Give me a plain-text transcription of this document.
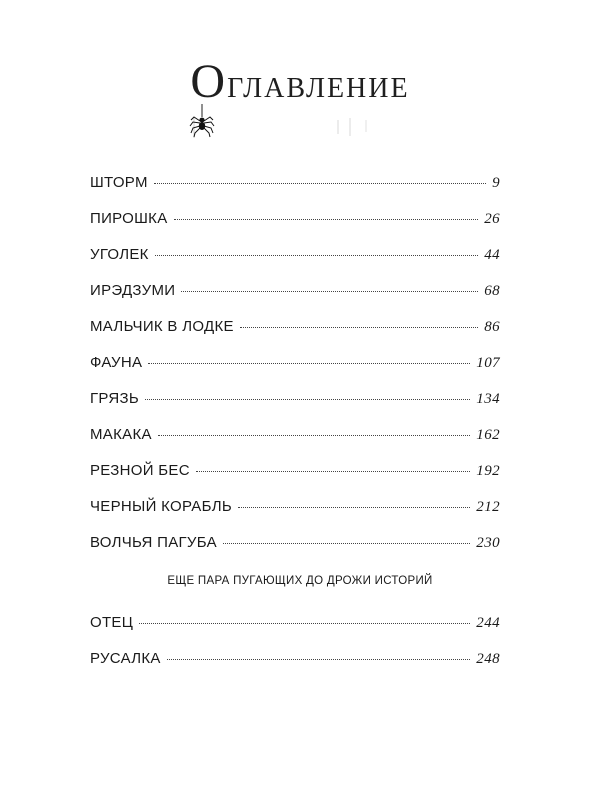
Оглавление
ШТОРМ	9
ПИРОШКА	26
УГОЛЕК	44
ИРЭДЗУМИ	68
МАЛЬЧИК В ЛОДКЕ	86
ФАУНА	107
ГРЯЗЬ	134
МАКАКА	162
РЕЗНОЙ БЕС	192
ЧЕРНЫЙ КОРАБЛЬ	212
ВОЛЧЬЯ ПАГУБА	230
ЕЩЕ ПАРА ПУГАЮЩИХ ДО ДРОЖИ ИСТОРИЙ
ОТЕЦ	244
РУСАЛКА	248
